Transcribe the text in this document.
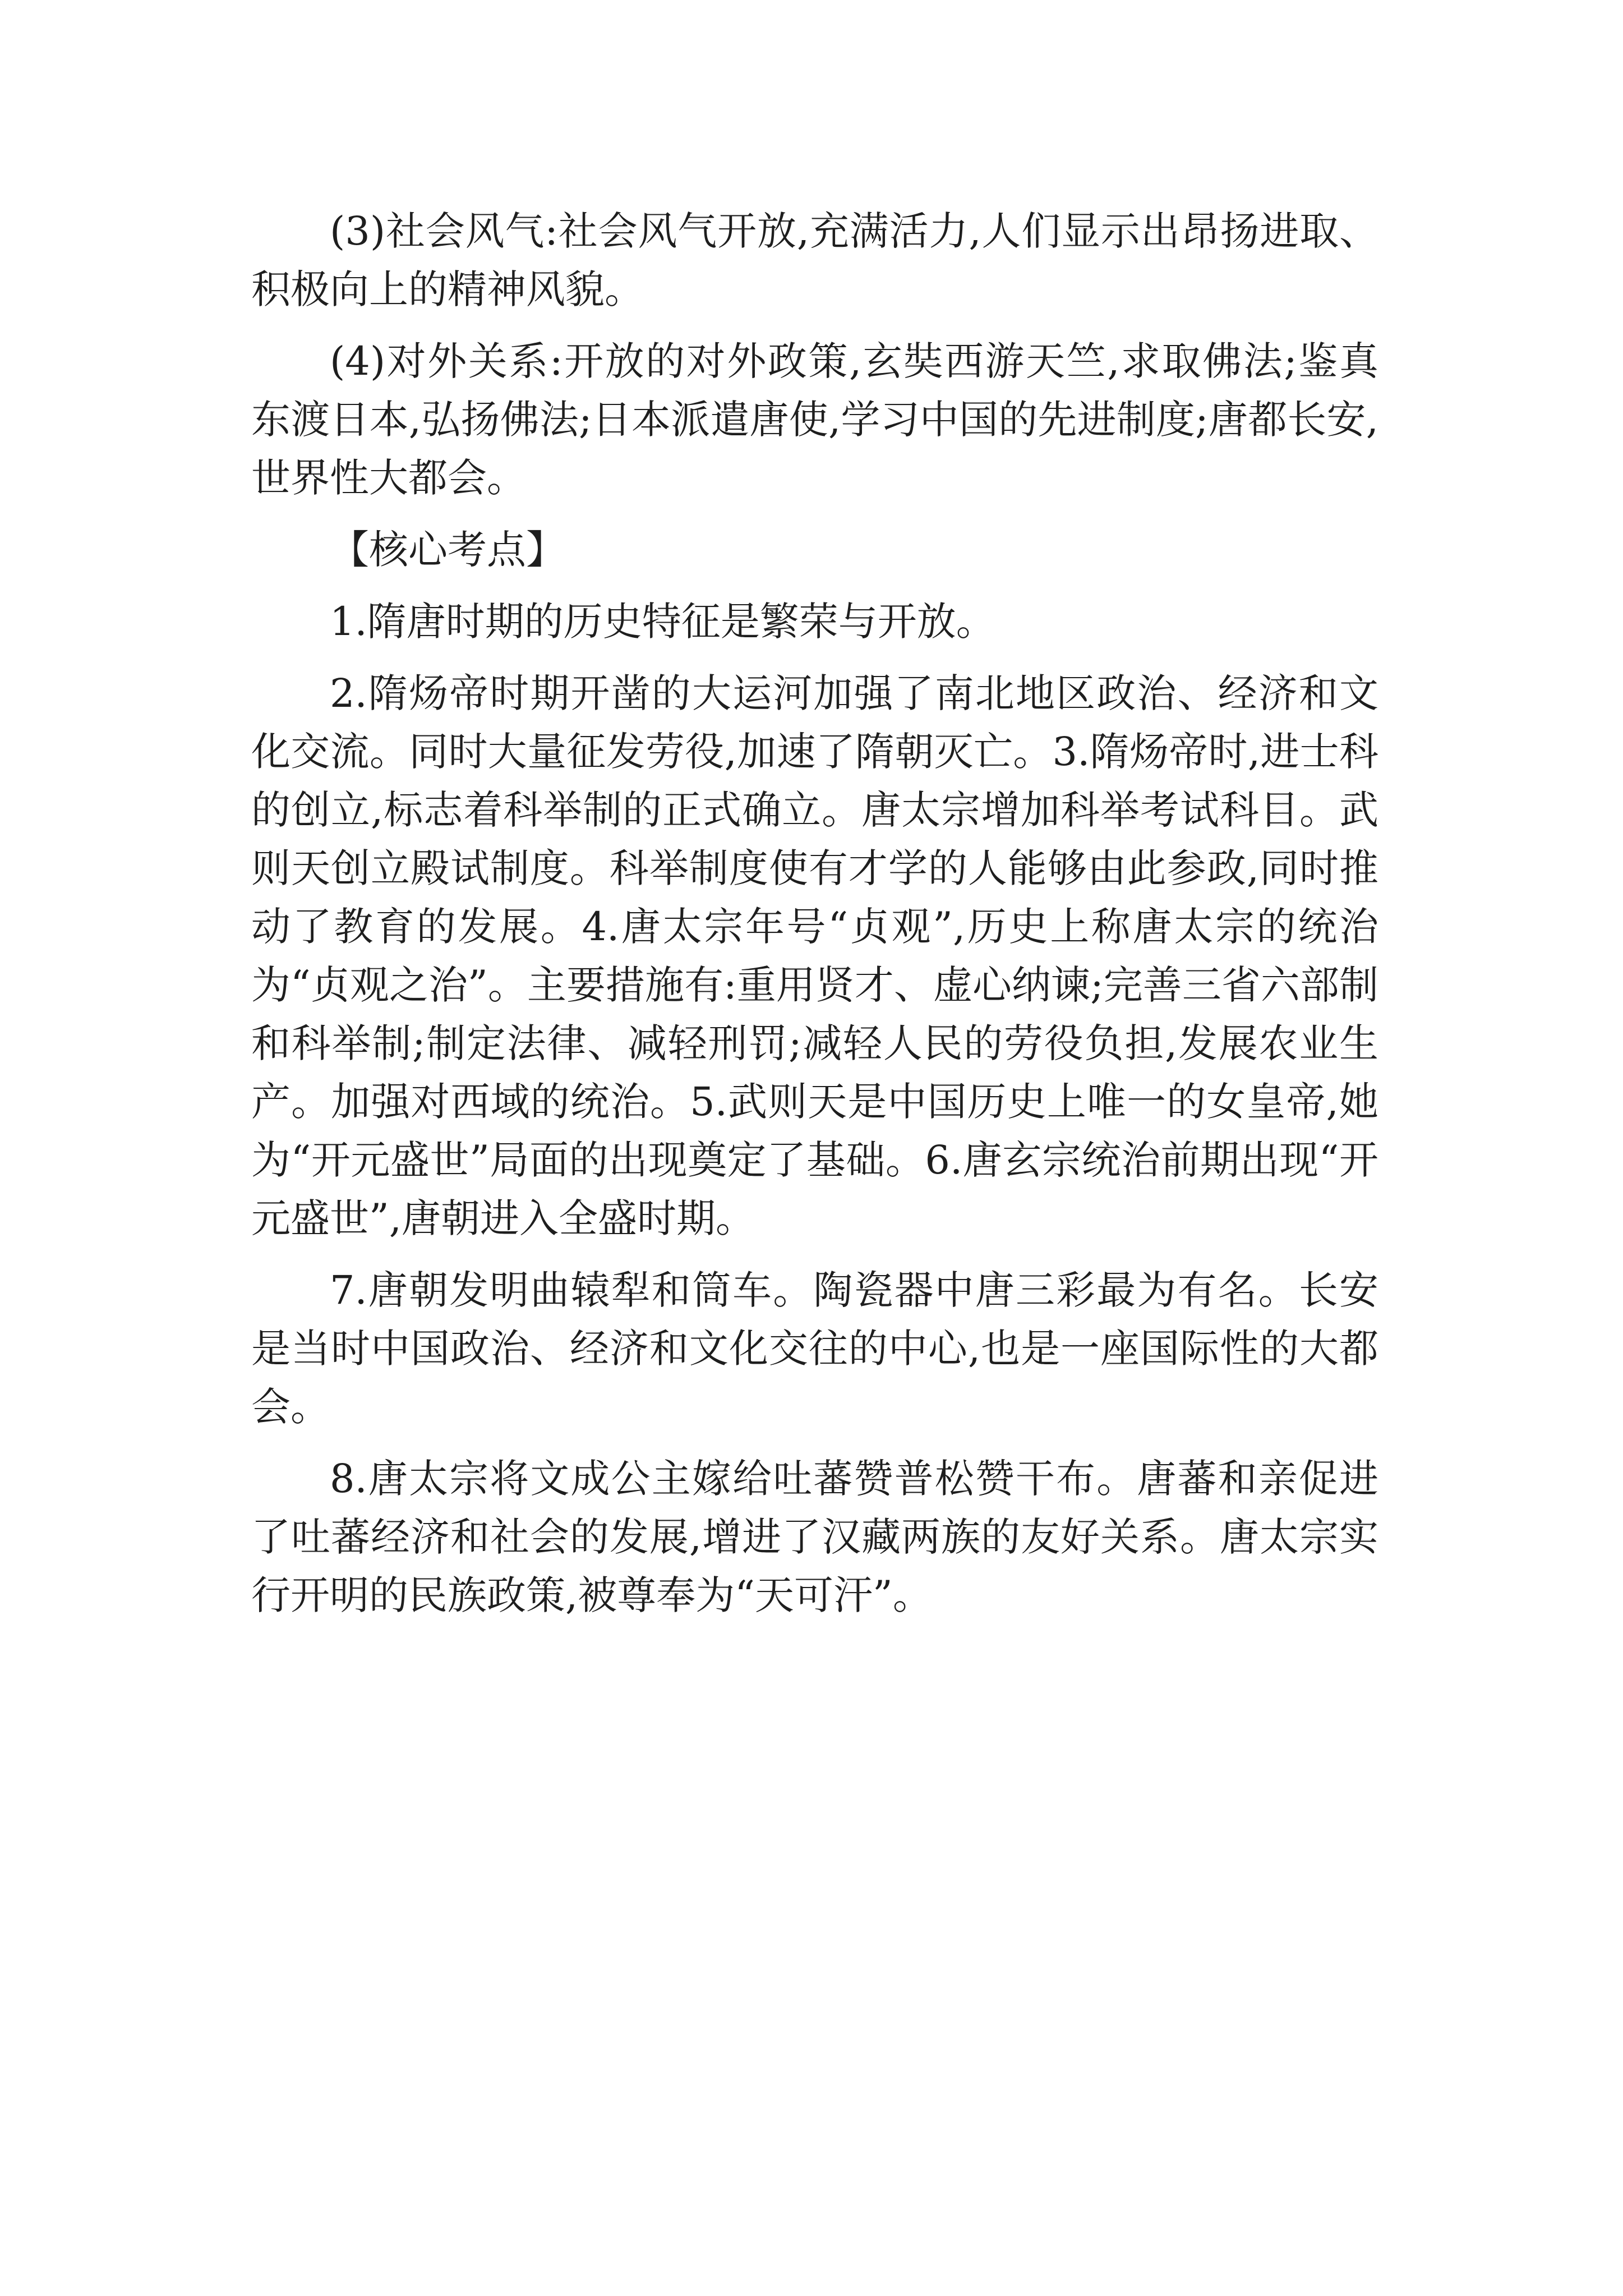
(3)社会风气:社会风气开放,充满活力,人们显示出昂扬进取、积极向上的精神风貌。

(4)对外关系:开放的对外政策,玄奘西游天竺,求取佛法;鉴真东渡日本,弘扬佛法;日本派遣唐使,学习中国的先进制度;唐都长安,世界性大都会。

【核心考点】

1.隋唐时期的历史特征是繁荣与开放。

2.隋炀帝时期开凿的大运河加强了南北地区政治、经济和文化交流。同时大量征发劳役,加速了隋朝灭亡。3.隋炀帝时,进士科的创立,标志着科举制的正式确立。唐太宗增加科举考试科目。武则天创立殿试制度。科举制度使有才学的人能够由此参政,同时推动了教育的发展。4.唐太宗年号“贞观”,历史上称唐太宗的统治为“贞观之治”。主要措施有:重用贤才、虚心纳谏;完善三省六部制和科举制;制定法律、减轻刑罚;减轻人民的劳役负担,发展农业生产。加强对西域的统治。5.武则天是中国历史上唯一的女皇帝,她为“开元盛世”局面的出现奠定了基础。6.唐玄宗统治前期出现“开元盛世”,唐朝进入全盛时期。

7.唐朝发明曲辕犁和筒车。陶瓷器中唐三彩最为有名。长安是当时中国政治、经济和文化交往的中心,也是一座国际性的大都会。

8.唐太宗将文成公主嫁给吐蕃赞普松赞干布。唐蕃和亲促进了吐蕃经济和社会的发展,增进了汉藏两族的友好关系。唐太宗实行开明的民族政策,被尊奉为“天可汗”。
